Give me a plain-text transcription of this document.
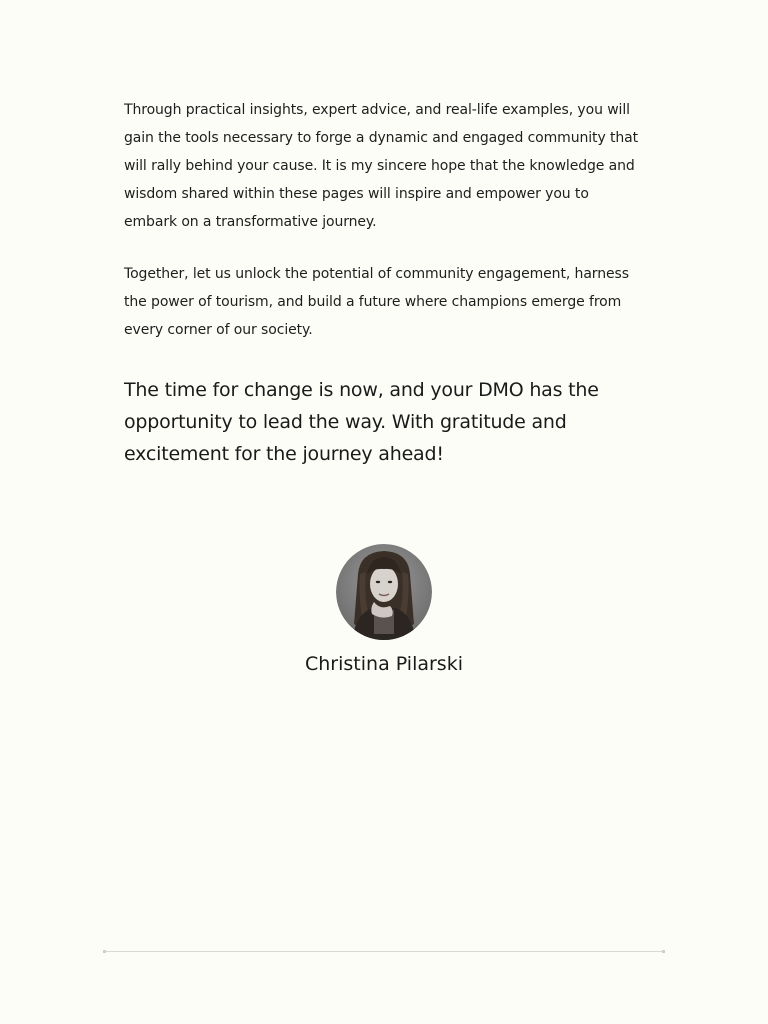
Through practical insights, expert advice, and real-life examples, you will gain the tools necessary to forge a dynamic and engaged community that will rally behind your cause. It is my sincere hope that the knowledge and wisdom shared within these pages will inspire and empower you to embark on a transformative journey.

Together, let us unlock the potential of community engagement, harness the power of tourism, and build a future where champions emerge from every corner of our society.

The time for change is now, and your DMO has the opportunity to lead the way. With gratitude and excitement for the journey ahead!

Christina Pilarski
